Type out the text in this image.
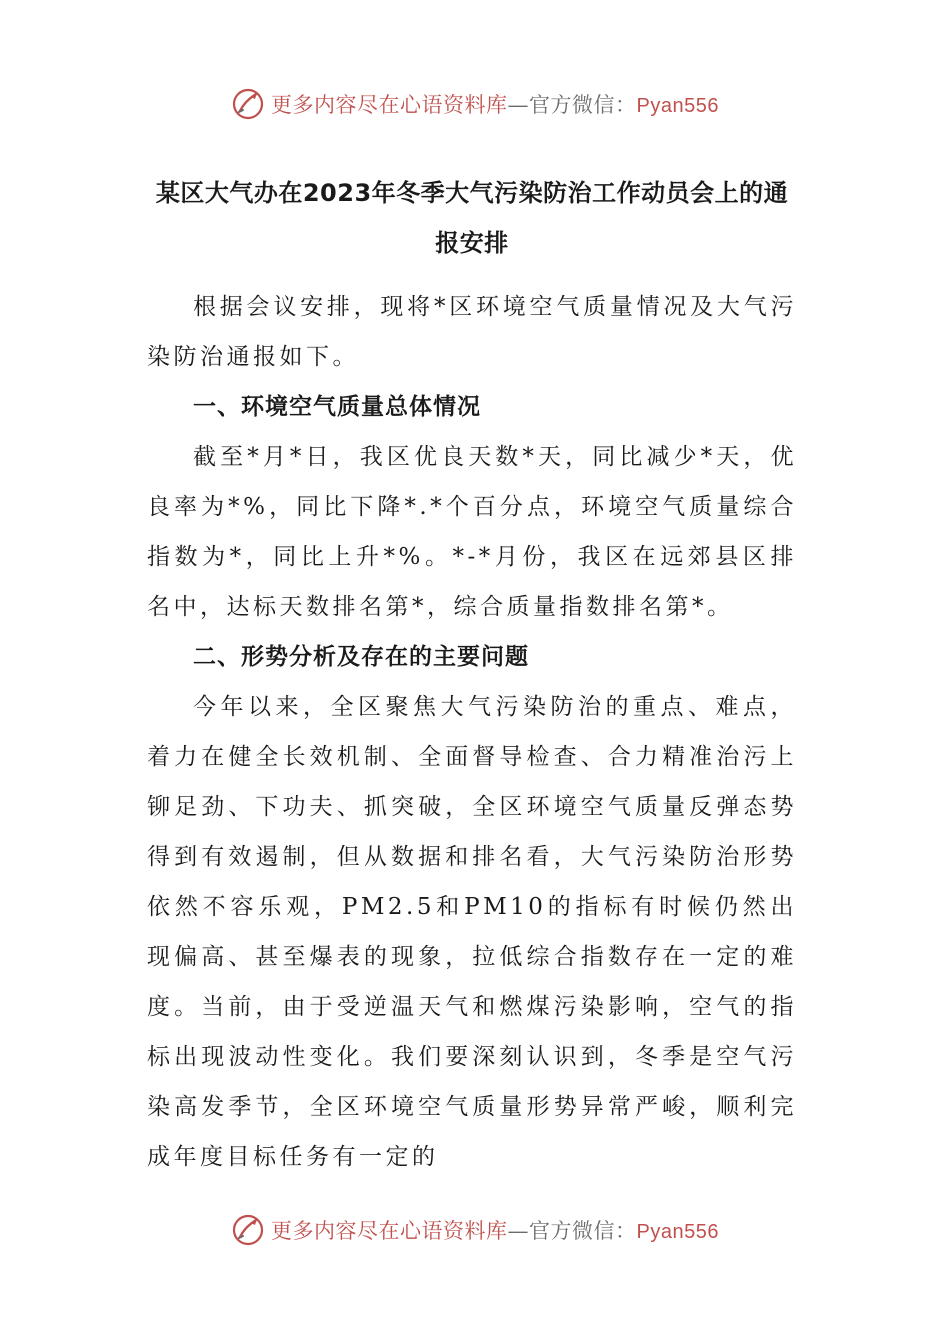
更多内容尽在心语资料库—官方微信：Pyan556
某区大气办在2023年冬季大气污染防治工作动员会上的通报安排

根据会议安排，现将*区环境空气质量情况及大气污染防治通报如下。

一、环境空气质量总体情况

截至*月*日，我区优良天数*天，同比减少*天，优良率为*%，同比下降*.*个百分点，环境空气质量综合指数为*，同比上升*%。*-*月份，我区在远郊县区排名中，达标天数排名第*，综合质量指数排名第*。

二、形势分析及存在的主要问题

今年以来，全区聚焦大气污染防治的重点、难点，着力在健全长效机制、全面督导检查、合力精准治污上铆足劲、下功夫、抓突破，全区环境空气质量反弹态势得到有效遏制，但从数据和排名看，大气污染防治形势依然不容乐观，PM2.5和PM10的指标有时候仍然出现偏高、甚至爆表的现象，拉低综合指数存在一定的难度。当前，由于受逆温天气和燃煤污染影响，空气的指标出现波动性变化。我们要深刻认识到，冬季是空气污染高发季节，全区环境空气质量形势异常严峻，顺利完成年度目标任务有一定的

更多内容尽在心语资料库—官方微信：Pyan556
